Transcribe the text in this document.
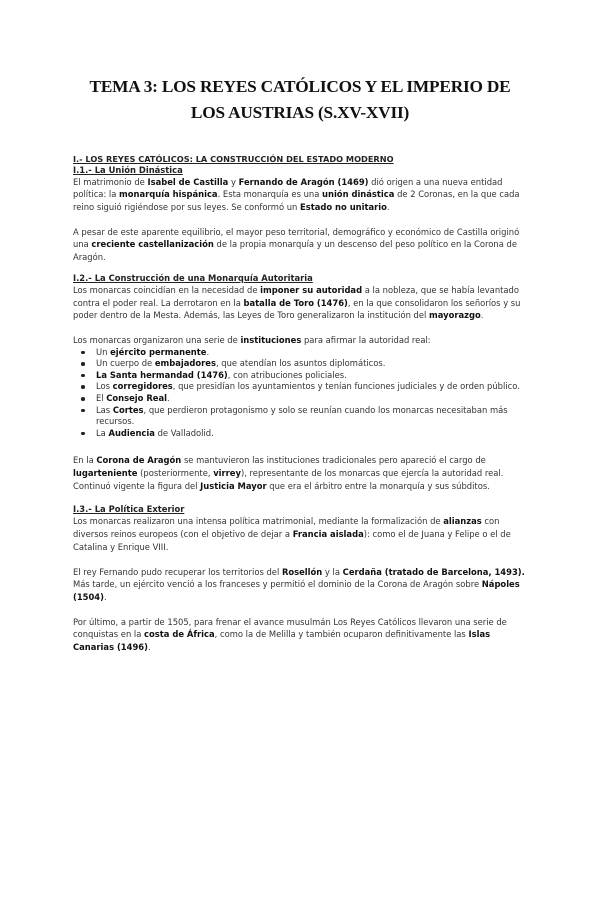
TEMA 3: LOS REYES CATÓLICOS Y EL IMPERIO DE
LOS AUSTRIAS (S.XV-XVII)
I.- LOS REYES CATÓLICOS: LA CONSTRUCCIÓN DEL ESTADO MODERNO
I.1.- La Unión Dinástica

El matrimonio de Isabel de Castilla y Fernando de Aragón (1469) dió origen a una nueva entidad política: la monarquía hispánica. Esta monarquía es una unión dinástica de 2 Coronas, en la que cada reino siguió rigiéndose por sus leyes. Se conformó un Estado no unitario.

A pesar de este aparente equilibrio, el mayor peso territorial, demográfico y económico de Castilla originó una creciente castellanización de la propia monarquía y un descenso del peso político en la Corona de Aragón.

I.2.- La Construcción de una Monarquía Autoritaria

Los monarcas coincidían en la necesidad de imponer su autoridad a la nobleza, que se había levantado contra el poder real. La derrotaron en la batalla de Toro (1476), en la que consolidaron los señoríos y su poder dentro de la Mesta. Además, las Leyes de Toro generalizaron la institución del mayorazgo.

Los monarcas organizaron una serie de instituciones para afirmar la autoridad real:

Un ejército permanente.
Un cuerpo de embajadores, que atendían los asuntos diplomáticos.
La Santa hermandad (1476), con atribuciones policiales.
Los corregidores, que presidían los ayuntamientos y tenían funciones judiciales y de orden público.
El Consejo Real.
Las Cortes, que perdieron protagonismo y solo se reunían cuando los monarcas necesitaban más recursos.
La Audiencia de Valladolid.

En la Corona de Aragón se mantuvieron las instituciones tradicionales pero apareció el cargo de lugarteniente (posteriormente, virrey), representante de los monarcas que ejercía la autoridad real. Continuó vigente la figura del Justicia Mayor que era el árbitro entre la monarquía y sus súbditos.

I.3.- La Política Exterior

Los monarcas realizaron una intensa política matrimonial, mediante la formalización de alianzas con diversos reinos europeos (con el objetivo de dejar a Francia aislada): como el de Juana y Felipe o el de Catalina y Enrique VIII.

El rey Fernando pudo recuperar los territorios del Rosellón y la Cerdaña (tratado de Barcelona, 1493). Más tarde, un ejército venció a los franceses y permitió el dominio de la Corona de Aragón sobre Nápoles (1504).

Por último, a partir de 1505, para frenar el avance musulmán Los Reyes Católicos llevaron una serie de conquistas en la costa de África, como la de Melilla y también ocuparon definitivamente las Islas Canarias (1496).
